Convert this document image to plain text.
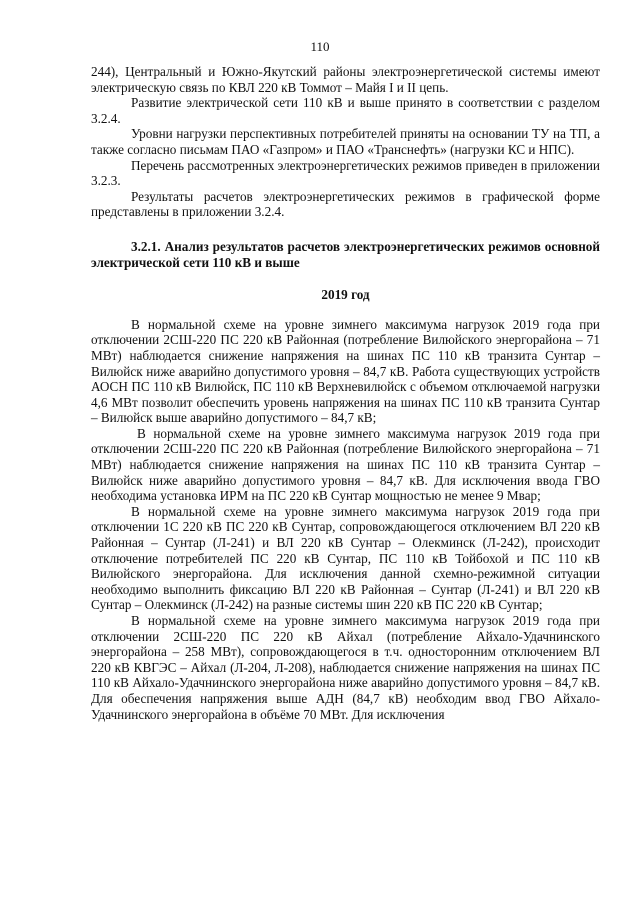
110

244), Центральный и Южно-Якутский районы электроэнергетической системы имеют электрическую связь по КВЛ 220 кВ Томмот – Майя I и II цепь.

Развитие электрической сети 110 кВ и выше принято в соответствии с разделом 3.2.4.

Уровни нагрузки перспективных потребителей приняты на основании ТУ на ТП, а также согласно письмам ПАО «Газпром» и ПАО «Транснефть» (нагрузки КС и НПС).

Перечень рассмотренных электроэнергетических режимов приведен в приложении 3.2.3.

Результаты расчетов электроэнергетических режимов в графической форме представлены в приложении 3.2.4.

3.2.1. Анализ результатов расчетов электроэнергетических режимов основной электрической сети 110 кВ и выше

2019 год

В нормальной схеме на уровне зимнего максимума нагрузок 2019 года при отключении 2СШ-220 ПС 220 кВ Районная (потребление Вилюйского энергорайона – 71 МВт) наблюдается снижение напряжения на шинах ПС 110 кВ транзита Сунтар – Вилюйск ниже аварийно допустимого уровня – 84,7 кВ. Работа существующих устройств АОСН ПС 110 кВ Вилюйск, ПС 110 кВ Верхневилюйск с объемом отключаемой нагрузки 4,6 МВт позволит обеспечить уровень напряжения на шинах ПС 110 кВ транзита Сунтар – Вилюйск выше аварийно допустимого – 84,7 кВ;

В нормальной схеме на уровне зимнего максимума нагрузок 2019 года при отключении 2СШ-220 ПС 220 кВ Районная (потребление Вилюйского энергорайона – 71 МВт) наблюдается снижение напряжения на шинах ПС 110 кВ транзита Сунтар – Вилюйск ниже аварийно допустимого уровня – 84,7 кВ. Для исключения ввода ГВО необходима установка ИРМ на ПС 220 кВ Сунтар мощностью не менее 9 Мвар;

В нормальной схеме на уровне зимнего максимума нагрузок 2019 года при отключении 1С 220 кВ ПС 220 кВ Сунтар, сопровождающегося отключением ВЛ 220 кВ Районная – Сунтар (Л-241) и ВЛ 220 кВ Сунтар – Олекминск (Л-242), происходит отключение потребителей ПС 220 кВ Сунтар, ПС 110 кВ Тойбохой и ПС 110 кВ Вилюйского энергорайона. Для исключения данной схемно-режимной ситуации необходимо выполнить фиксацию ВЛ 220 кВ Районная – Сунтар (Л-241) и ВЛ 220 кВ Сунтар – Олекминск (Л-242) на разные системы шин 220 кВ ПС 220 кВ Сунтар;

В нормальной схеме на уровне зимнего максимума нагрузок 2019 года при отключении 2СШ-220 ПС 220 кВ Айхал (потребление Айхало-Удачнинского энергорайона – 258 МВт), сопровождающегося в т.ч. односторонним отключением ВЛ 220 кВ КВГЭС – Айхал (Л-204, Л-208), наблюдается снижение напряжения на шинах ПС 110 кВ Айхало-Удачнинского энергорайона ниже аварийно допустимого уровня – 84,7 кВ. Для обеспечения напряжения выше АДН (84,7 кВ) необходим ввод ГВО Айхало-Удачнинского энергорайона в объёме 70 МВт. Для исключения
